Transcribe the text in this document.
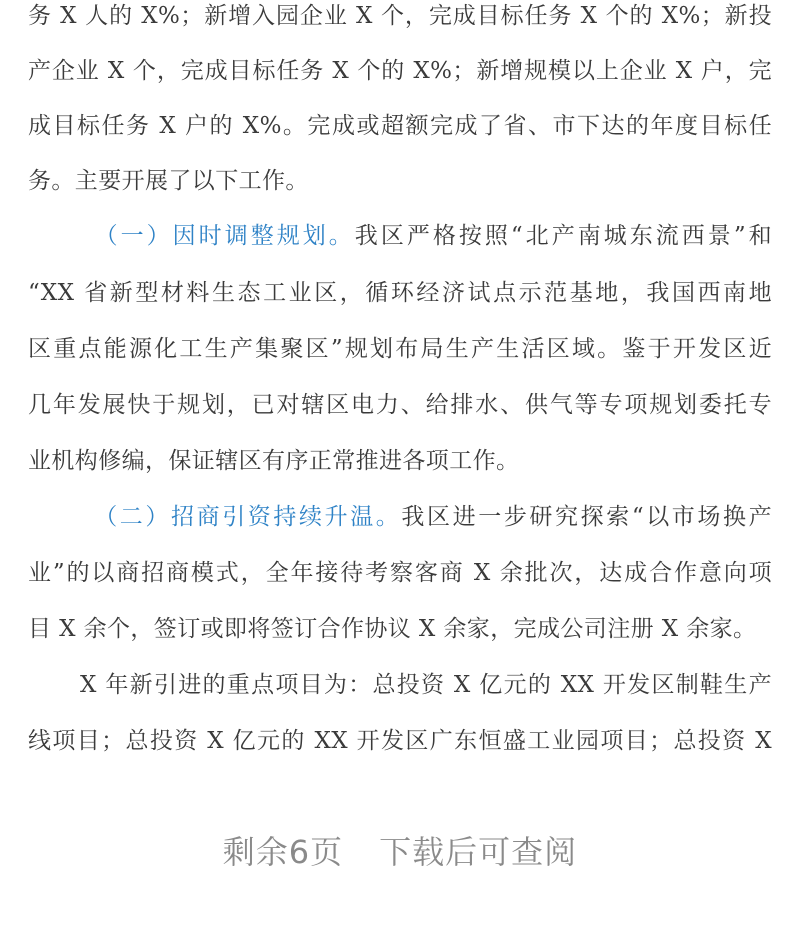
务 X 人的 X%；新增入园企业 X 个，完成目标任务 X 个的 X%；新投
产企业 X 个，完成目标任务 X 个的 X%；新增规模以上企业 X 户，完
成目标任务 X 户的 X%。完成或超额完成了省、市下达的年度目标任
务。主要开展了以下工作。
（一）因时调整规划。我区严格按照“北产南城东流西景”和
“XX 省新型材料生态工业区，循环经济试点示范基地，我国西南地
区重点能源化工生产集聚区”规划布局生产生活区域。鉴于开发区近
几年发展快于规划，已对辖区电力、给排水、供气等专项规划委托专
业机构修编，保证辖区有序正常推进各项工作。
（二）招商引资持续升温。我区进一步研究探索“以市场换产
业”的以商招商模式，全年接待考察客商 X 余批次，达成合作意向项
目 X 余个，签订或即将签订合作协议 X 余家，完成公司注册 X 余家。
X 年新引进的重点项目为：总投资 X 亿元的 XX 开发区制鞋生产
线项目；总投资 X 亿元的 XX 开发区广东恒盛工业园项目；总投资 X
剩余6页 下载后可查阅
